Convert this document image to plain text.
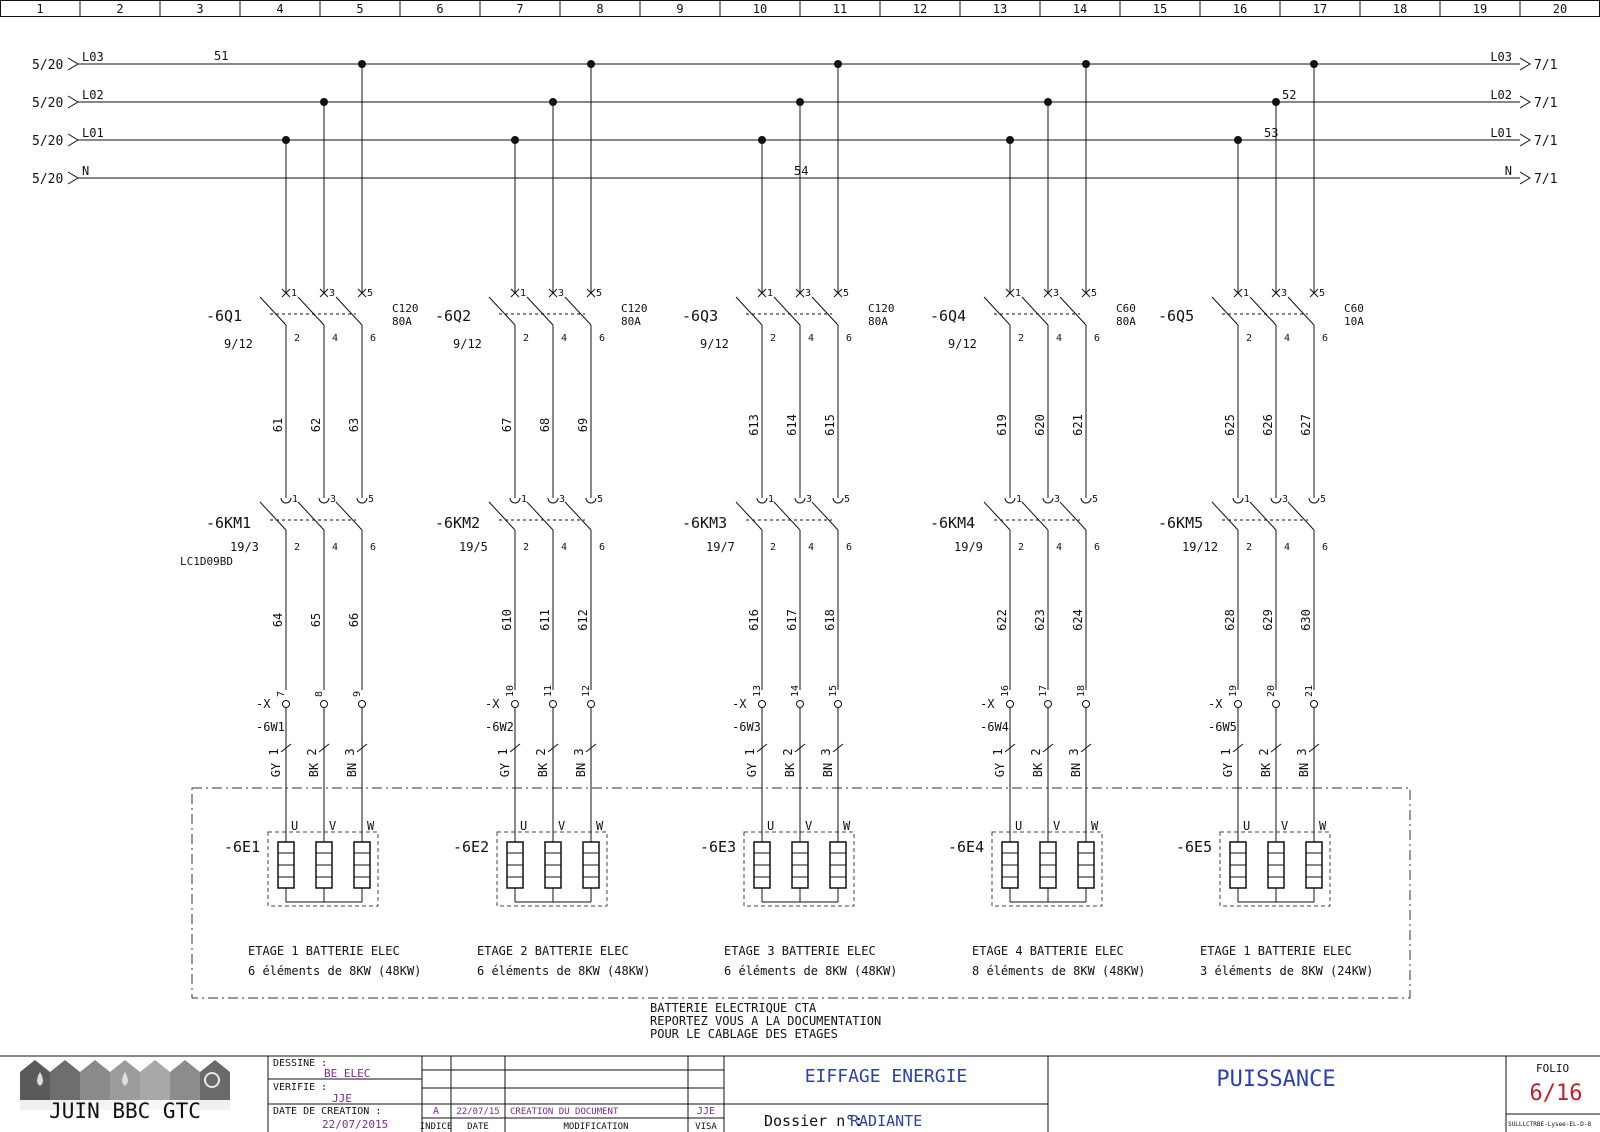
1	2	3	4	5	6	7	8	9	10	11	12	13	14	15	16	17	18	19	20
5/20
L03	L03
7/1
5/20
L02	L02
7/1
5/20
L01	L01
7/1
5/20
N	N
7/1
51
52
53
54
1
2
61
3
4
62
5
6
63
-6Q1
9/12
C120
80A
1
2
64
3
4
65
5
6
66
-6KM1
19/3
LC1D09BD
7
GY
1
8
BK
2
9
BN
3
-X
-6W1
U	V	W
-6E1
ETAGE 1 BATTERIE ELEC
6 éléments de 8KW (48KW)
1
2
67
3
4
68
5
6
69
-6Q2
9/12
C120
80A
1
2
610
3
4
611
5
6
612
-6KM2
19/5
10
GY
1
11
BK
2
12
BN
3
-X
-6W2
U	V	W
-6E2
ETAGE 2 BATTERIE ELEC
6 éléments de 8KW (48KW)
1
2
613
3
4
614
5
6
615
-6Q3
9/12
C120
80A
1
2
616
3
4
617
5
6
618
-6KM3
19/7
13
GY
1
14
BK
2
15
BN
3
-X
-6W3
U	V	W
-6E3
ETAGE 3 BATTERIE ELEC
6 éléments de 8KW (48KW)
1
2
619
3
4
620
5
6
621
-6Q4
9/12
C60
80A
1
2
622
3
4
623
5
6
624
-6KM4
19/9
16
GY
1
17
BK
2
18
BN
3
-X
-6W4
U	V	W
-6E4
ETAGE 4 BATTERIE ELEC
8 éléments de 8KW (48KW)
1
2
625
3
4
626
5
6
627
-6Q5	C60
10A
1
2
628
3
4
629
5
6
630
-6KM5
19/12
19
GY
1
20
BK
2
21
BN
3
-X
-6W5
U	V	W
-6E5
ETAGE 1 BATTERIE ELEC
3 éléments de 8KW (24KW)
BATTERIE ELECTRIQUE CTA
REPORTEZ VOUS A LA DOCUMENTATION
POUR LE CABLAGE DES ETAGES
JUIN BBC GTC
DESSINE :
BE ELEC
VERIFIE :
JJE
DATE DE CREATION :
22/07/2015
A 22/07/15 CREATION DU DOCUMENT	JJE
INDICE DATE	MODIFICATION	VISA
EIFFAGE ENERGIE
Dossier n°:
RADIANTE
PUISSANCE	FOLIO
6/16
SULLLCTRBE-Lysee-EL-D-8
